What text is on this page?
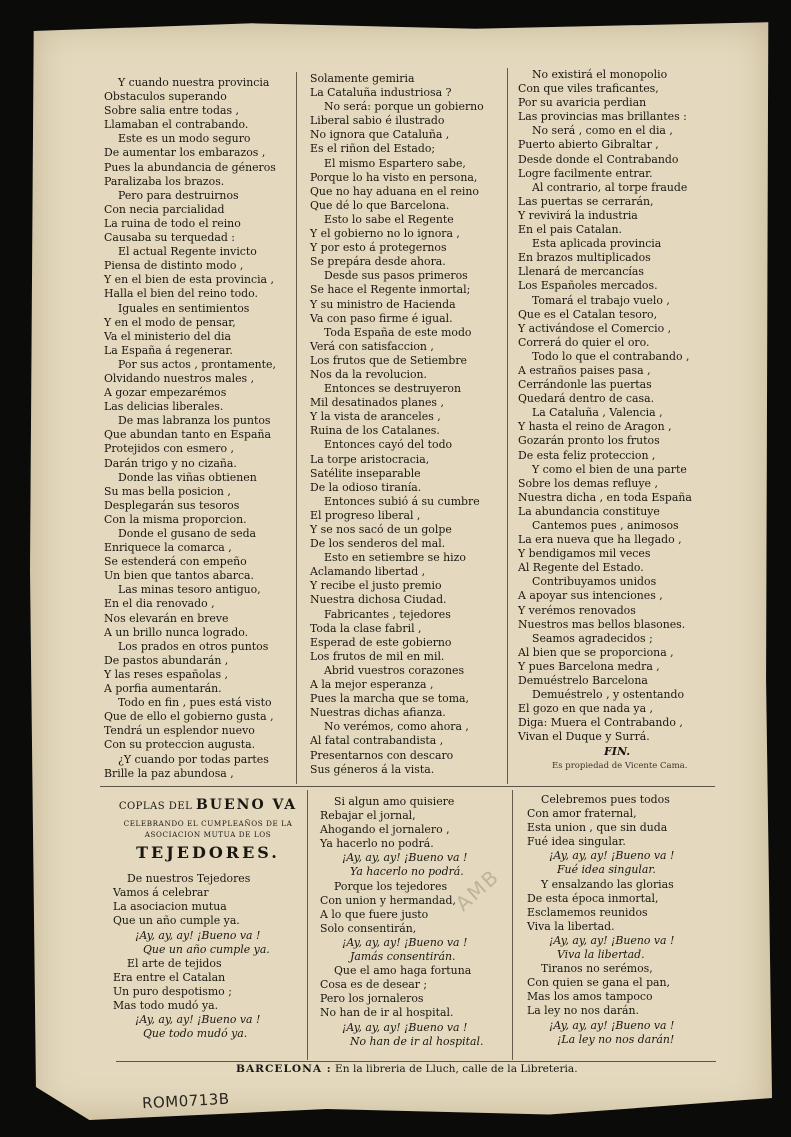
Y cuando nuestra provincia
Obstaculos superando
Sobre salia entre todas ,
Llamaban el contrabando.
Este es un modo seguro
De aumentar los embarazos ,
Pues la abundancia de géneros
Paralizaba los brazos.
Pero para destruirnos
Con necia parcialidad
La ruina de todo el reino
Causaba su terquedad :
El actual Regente invicto
Piensa de distinto modo ,
Y en el bien de esta provincia ,
Halla el bien del reino todo.
Iguales en sentimientos
Y en el modo de pensar,
Va el ministerio del dia
La España á regenerar.
Por sus actos , prontamente,
Olvidando nuestros males ,
A gozar empezarémos
Las delicias liberales.
De mas labranza los puntos
Que abundan tanto en España
Protejidos con esmero ,
Darán trigo y no cizaña.
Donde las viñas obtienen
Su mas bella posicion ,
Desplegarán sus tesoros
Con la misma proporcion.
Donde el gusano de seda
Enriquece la comarca ,
Se estenderá con empeño
Un bien que tantos abarca.
Las minas tesoro antiguo,
En el dia renovado ,
Nos elevarán en breve
A un brillo nunca logrado.
Los prados en otros puntos
De pastos abundarán ,
Y las reses españolas ,
A porfia aumentarán.
Todo en fin , pues está visto
Que de ello el gobierno gusta ,
Tendrá un esplendor nuevo
Con su proteccion augusta.
¿Y cuando por todas partes
Brille la paz abundosa ,
Solamente gemiria
La Cataluña industriosa ?
No será: porque un gobierno
Liberal sabio é ilustrado
No ignora que Cataluña ,
Es el riñon del Estado;
El mismo Espartero sabe,
Porque lo ha visto en persona,
Que no hay aduana en el reino
Que dé lo que Barcelona.
Esto lo sabe el Regente
Y el gobierno no lo ignora ,
Y por esto á protegernos
Se prepára desde ahora.
Desde sus pasos primeros
Se hace el Regente inmortal;
Y su ministro de Hacienda
Va con paso firme é igual.
Toda España de este modo
Verá con satisfaccion ,
Los frutos que de Setiembre
Nos da la revolucion.
Entonces se destruyeron
Mil desatinados planes ,
Y la vista de aranceles ,
Ruina de los Catalanes.
Entonces cayó del todo
La torpe aristocracia,
Satélite inseparable
De la odioso tiranía.
Entonces subió á su cumbre
El progreso liberal ,
Y se nos sacó de un golpe
De los senderos del mal.
Esto en setiembre se hizo
Aclamando libertad ,
Y recibe el justo premio
Nuestra dichosa Ciudad.
Fabricantes , tejedores
Toda la clase fabril ,
Esperad de este gobierno
Los frutos de mil en mil.
Abrid vuestros corazones
A la mejor esperanza ,
Pues la marcha que se toma,
Nuestras dichas afianza.
No verémos, como ahora ,
Al fatal contrabandista ,
Presentarnos con descaro
Sus géneros á la vista.
No existirá el monopolio
Con que viles traficantes,
Por su avaricia perdian
Las provincias mas brillantes :
No será , como en el dia ,
Puerto abierto Gibraltar ,
Desde donde el Contrabando
Logre facilmente entrar.
Al contrario, al torpe fraude
Las puertas se cerrarán,
Y revivirá la industria
En el pais Catalan.
Esta aplicada provincia
En brazos multiplicados
Llenará de mercancías
Los Españoles mercados.
Tomará el trabajo vuelo ,
Que es el Catalan tesoro,
Y activándose el Comercio ,
Correrá do quier el oro.
Todo lo que el contrabando ,
A estraños paises pasa ,
Cerrándonle las puertas
Quedará dentro de casa.
La Cataluña , Valencia ,
Y hasta el reino de Aragon ,
Gozarán pronto los frutos
De esta feliz proteccion ,
Y como el bien de una parte
Sobre los demas refluye ,
Nuestra dicha , en toda España
La abundancia constituye
Cantemos pues , animosos
La era nueva que ha llegado ,
Y bendigamos mil veces
Al Regente del Estado.
Contribuyamos unidos
A apoyar sus intenciones ,
Y verémos renovados
Nuestros mas bellos blasones.
Seamos agradecidos ;
Al bien que se proporciona ,
Y pues Barcelona medra ,
Demuéstrelo Barcelona
Demuéstrelo , y ostentando
El gozo en que nada ya ,
Diga: Muera el Contrabando ,
Vivan el Duque y Surrá.
FIN.
Es propiedad de Vicente Cama.
COPLAS DEL BUENO VA
CELEBRANDO EL CUMPLEAÑOS DE LA ASOCIACION MUTUA DE LOS
TEJEDORES.
De nuestros Tejedores
Vamos á celebrar
La asociacion mutua
Que un año cumple ya.
¡Ay, ay, ay! ¡Bueno va !
Que un año cumple ya.
El arte de tejidos
Era entre el Catalan
Un puro despotismo ;
Mas todo mudó ya.
¡Ay, ay, ay! ¡Bueno va !
Que todo mudó ya.
Si algun amo quisiere
Rebajar el jornal,
Ahogando el jornalero ,
Ya hacerlo no podrá.
¡Ay, ay, ay! ¡Bueno va !
Ya hacerlo no podrá.
Porque los tejedores
Con union y hermandad,
A lo que fuere justo
Solo consentirán,
¡Ay, ay, ay! ¡Bueno va !
Jamás consentirán.
Que el amo haga fortuna
Cosa es de desear ;
Pero los jornaleros
No han de ir al hospital.
¡Ay, ay, ay! ¡Bueno va !
No han de ir al hospital.
Celebremos pues todos
Con amor fraternal,
Esta union , que sin duda
Fué idea singular.
¡Ay, ay, ay! ¡Bueno va !
Fué idea singular.
Y ensalzando las glorias
De esta época inmortal,
Esclamemos reunidos
Viva la libertad.
¡Ay, ay, ay! ¡Bueno va !
Viva la libertad.
Tiranos no serémos,
Con quien se gana el pan,
Mas los amos tampoco
La ley no nos darán.
¡Ay, ay, ay! ¡Bueno va !
¡La ley no nos darán!
BARCELONA : En la libreria de Lluch, calle de la Libreteria.
AMB
ROM0713B
